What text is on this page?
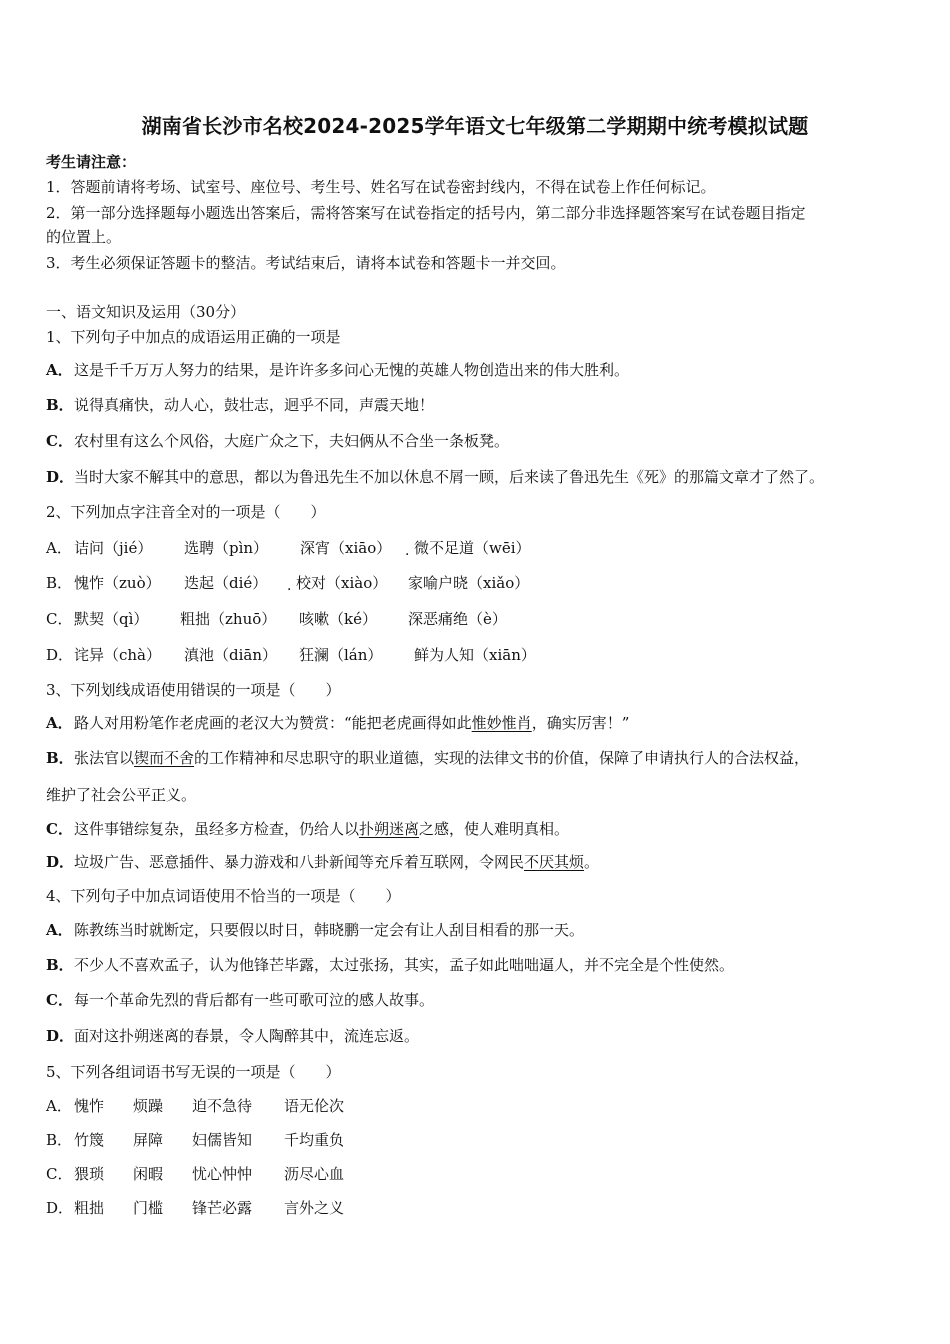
湖南省长沙市名校2024-2025学年语文七年级第二学期期中统考模拟试题
考生请注意：
1．答题前请将考场、试室号、座位号、考生号、姓名写在试卷密封线内，不得在试卷上作任何标记。
2．第一部分选择题每小题选出答案后，需将答案写在试卷指定的括号内，第二部分非选择题答案写在试卷题目指定
的位置上。
3．考生必须保证答题卡的整洁。考试结束后，请将本试卷和答题卡一并交回。
一、语文知识及运用（30分）
1、下列句子中加点的成语运用正确的一项是
A．这是千千万万人努力的结果，是许许多多问心无愧的英雄人物创造出来的伟大胜利。
B．说得真痛快，动人心，鼓壮志，迥乎不同，声震天地！
C．农村里有这么个风俗，大庭广众之下，夫妇俩从不合坐一条板凳。
D．当时大家不解其中的意思，都以为鲁迅先生不加以休息不屑一顾，后来读了鲁迅先生《死》的那篇文章才了然了。
2、下列加点字注音全对的一项是（　　）
A． 诘问（jié） 选聘（pìn） 深宵（xiāo） 微不足道（wēi）
·
B． 愧怍（zuò） 迭起（dié） 校对（xiào） 家喻户晓（xiǎo）
·
C． 默契（qì） 粗拙（zhuō） 咳嗽（ké） 深恶痛绝（è）
D． 诧异（chà） 滇池（diān） 狂澜（lán） 鲜为人知（xiān）
3、下列划线成语使用错误的一项是（　　）
A．路人对用粉笔作老虎画的老汉大为赞赏：“能把老虎画得如此惟妙惟肖，确实厉害！”
B．张法官以锲而不舍的工作精神和尽忠职守的职业道德，实现的法律文书的价值，保障了申请执行人的合法权益，
维护了社会公平正义。
C．这件事错综复杂，虽经多方检查，仍给人以扑朔迷离之感，使人难明真相。
D．垃圾广告、恶意插件、暴力游戏和八卦新闻等充斥着互联网，令网民不厌其烦。
4、下列句子中加点词语使用不恰当的一项是（　　）
A．陈教练当时就断定，只要假以时日，韩晓鹏一定会有让人刮目相看的那一天。
B．不少人不喜欢孟子，认为他锋芒毕露，太过张扬，其实，孟子如此咄咄逼人，并不完全是个性使然。
C．每一个革命先烈的背后都有一些可歌可泣的感人故事。
D．面对这扑朔迷离的春景，令人陶醉其中，流连忘返。
5、下列各组词语书写无误的一项是（　　）
A． 愧怍 烦躁 迫不急待 语无伦次
B． 竹篾 屏障 妇儒皆知 千均重负
C． 猥琐 闲暇 忧心忡忡 沥尽心血
D． 粗拙 门槛 锋芒必露 言外之义
